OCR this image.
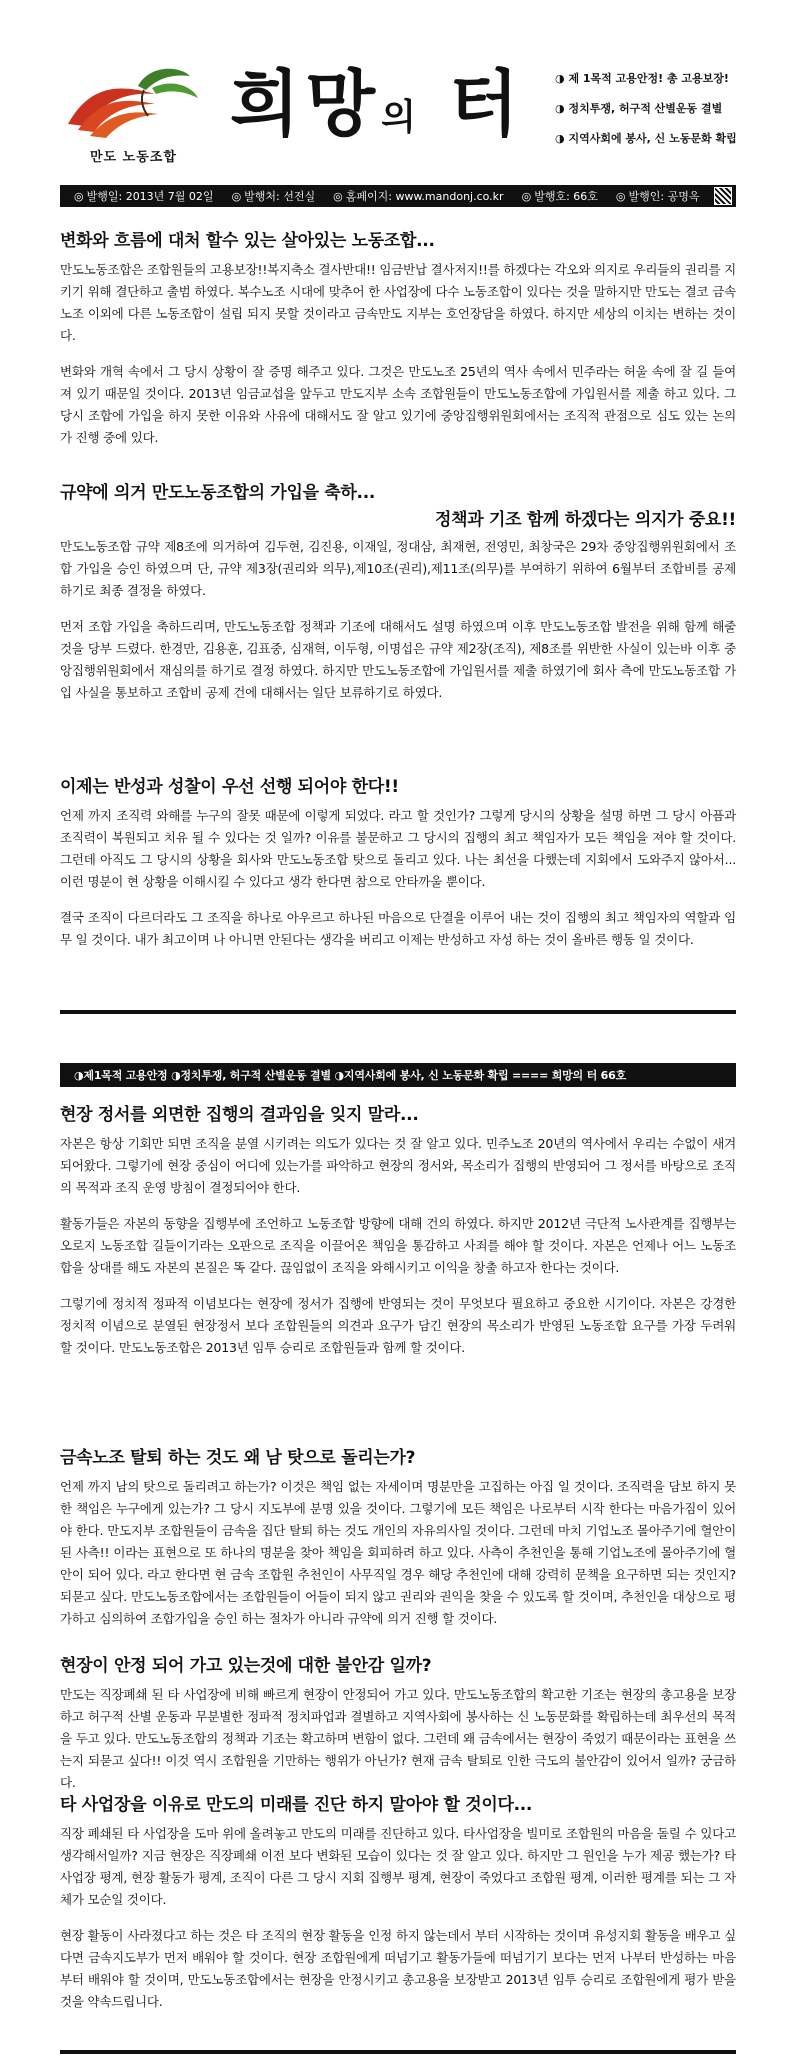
만도 노동조합
희망의 터	◑ 제 1목적 고용안정! 총 고용보장!
◑ 정치투쟁, 허구적 산별운동 결별
◑ 지역사회에 봉사, 신 노동문화 확립
◎ 발행일: 2013년 7월 02일	◎ 발행처: 선전실	◎ 홈페이지: www.mandonj.co.kr	◎ 발행호: 66호	◎ 발행인: 공명옥
변화와 흐름에 대처 할수 있는 살아있는 노동조합...

만도노동조합은 조합원들의 고용보장!!복지축소 결사반대!! 임금반납 결사저지!!를 하겠다는 각오와 의지로 우리들의 권리를 지키기 위해 결단하고 출범 하였다. 복수노조 시대에 맞추어 한 사업장에 다수 노동조합이 있다는 것을 말하지만 만도는 결코 금속노조 이외에 다른 노동조합이 설립 되지 못할 것이라고 금속만도 지부는 호언장담을 하였다. 하지만 세상의 이치는 변하는 것이다.

변화와 개혁 속에서 그 당시 상황이 잘 증명 해주고 있다. 그것은 만도노조 25년의 역사 속에서 민주라는 허울 속에 잘 길 들여져 있기 때문일 것이다. 2013년 임금교섭을 앞두고 만도지부 소속 조합원들이 만도노동조합에 가입원서를 제출 하고 있다. 그 당시 조합에 가입을 하지 못한 이유와 사유에 대해서도 잘 알고 있기에 중앙집행위원회에서는 조직적 관점으로 심도 있는 논의가 진행 중에 있다.

규약에 의거 만도노동조합의 가입을 축하...
정책과 기조 함께 하겠다는 의지가 중요!!

만도노동조합 규약 제8조에 의거하여 김두현, 김진용, 이재일, 정대삼, 최재현, 전영민, 최창국은 29차 중앙집행위원회에서 조합 가입을 승인 하였으며 단, 규약 제3장(권리와 의무),제10조(권리),제11조(의무)를 부여하기 위하여 6월부터 조합비를 공제하기로 최종 결정을 하였다.

먼저 조합 가입을 축하드리며, 만도노동조합 정책과 기조에 대해서도 설명 하였으며 이후 만도노동조합 발전을 위해 함께 해줄 것을 당부 드렸다. 한경만, 김용훈, 김표중, 심재혁, 이두형, 이명섭은 규약 제2장(조직), 제8조를 위반한 사실이 있는바 이후 중앙집행위원회에서 재심의를 하기로 결정 하였다. 하지만 만도노동조합에 가입원서를 제출 하였기에 회사 측에 만도노동조합 가입 사실을 통보하고 조합비 공제 건에 대해서는 일단 보류하기로 하였다.

이제는 반성과 성찰이 우선 선행 되어야 한다!!

언제 까지 조직력 와해를 누구의 잘못 때문에 이렇게 되었다. 라고 할 것인가? 그렇게 당시의 상황을 설명 하면 그 당시 아픔과 조직력이 복원되고 치유 될 수 있다는 것 일까? 이유를 불문하고 그 당시의 집행의 최고 책임자가 모든 책임을 져야 할 것이다. 그런데 아직도 그 당시의 상황을 회사와 만도노동조합 탓으로 돌리고 있다. 나는 최선을 다했는데 지회에서 도와주지 않아서... 이런 명분이 현 상황을 이해시킬 수 있다고 생각 한다면 참으로 안타까울 뿐이다.

결국 조직이 다르더라도 그 조직을 하나로 아우르고 하나된 마음으로 단결을 이루어 내는 것이 집행의 최고 책임자의 역할과 임무 일 것이다. 내가 최고이며 나 아니면 안된다는 생각을 버리고 이제는 반성하고 자성 하는 것이 올바른 행동 일 것이다.

◑제1목적 고용안정 ◑정치투쟁, 허구적 산별운동 결별 ◑지역사회에 봉사, 신 노동문화 확립 ==== 희망의 터 66호
현장 정서를 외면한 집행의 결과임을 잊지 말라...

자본은 항상 기회만 되면 조직을 분열 시키려는 의도가 있다는 것 잘 알고 있다. 민주노조 20년의 역사에서 우리는 수없이 새겨 되어왔다. 그렇기에 현장 중심이 어디에 있는가를 파악하고 현장의 정서와, 목소리가 집행의 반영되어 그 정서를 바탕으로 조직의 목적과 조직 운영 방침이 결정되어야 한다.

활동가들은 자본의 동향을 집행부에 조언하고 노동조합 방향에 대해 건의 하였다. 하지만 2012년 극단적 노사관계를 집행부는 오로지 노동조합 길들이기라는 오판으로 조직을 이끌어온 책임을 통감하고 사죄를 해야 할 것이다. 자본은 언제나 어느 노동조합을 상대를 해도 자본의 본질은 똑 같다. 끊임없이 조직을 와해시키고 이익을 창출 하고자 한다는 것이다.

그렇기에 정치적 정파적 이념보다는 현장에 정서가 집행에 반영되는 것이 무엇보다 필요하고 중요한 시기이다. 자본은 강경한 정치적 이념으로 분열된 현장정서 보다 조합원들의 의견과 요구가 담긴 현장의 목소리가 반영된 노동조합 요구를 가장 두려워 할 것이다. 만도노동조합은 2013년 임투 승리로 조합원들과 함께 할 것이다.

금속노조 탈퇴 하는 것도 왜 남 탓으로 돌리는가?

언제 까지 남의 탓으로 돌리려고 하는가? 이것은 책임 없는 자세이며 명분만을 고집하는 아집 일 것이다. 조직력을 담보 하지 못한 책임은 누구에게 있는가? 그 당시 지도부에 분명 있을 것이다. 그렇기에 모든 책임은 나로부터 시작 한다는 마음가짐이 있어야 한다. 만도지부 조합원들이 금속을 집단 탈퇴 하는 것도 개인의 자유의사일 것이다. 그런데 마치 기업노조 몰아주기에 혈안이 된 사측!! 이라는 표현으로 또 하나의 명분을 찾아 책임을 회피하려 하고 있다. 사측이 추천인을 통해 기업노조에 몰아주기에 혈안이 되어 있다. 라고 한다면 현 금속 조합원 추천인이 사무직일 경우 해당 추천인에 대해 강력히 문책을 요구하면 되는 것인지? 되묻고 싶다. 만도노동조합에서는 조합원들이 어들이 되지 않고 권리와 권익을 찾을 수 있도록 할 것이며, 추천인을 대상으로 평가하고 심의하여 조합가입을 승인 하는 절차가 아니라 규약에 의거 진행 할 것이다.

현장이 안정 되어 가고 있는것에 대한 불안감 일까?

만도는 직장폐쇄 된 타 사업장에 비해 빠르게 현장이 안정되어 가고 있다. 만도노동조합의 확고한 기조는 현장의 총고용을 보장하고 허구적 산별 운동과 무분별한 정파적 정치파업과 결별하고 지역사회에 봉사하는 신 노동문화를 확립하는데 최우선의 목적을 두고 있다. 만도노동조합의 정책과 기조는 확고하며 변함이 없다. 그런데 왜 금속에서는 현장이 죽었기 때문이라는 표현을 쓰는지 되묻고 싶다!! 이것 역시 조합원을 기만하는 행위가 아닌가? 현재 금속 탈퇴로 인한 극도의 불안감이 있어서 일까? 궁금하다.

타 사업장을 이유로 만도의 미래를 진단 하지 말아야 할 것이다...

직장 폐쇄된 타 사업장을 도마 위에 올려놓고 만도의 미래를 진단하고 있다. 타사업장을 빌미로 조합원의 마음을 돌릴 수 있다고 생각해서일까? 지금 현장은 직장폐쇄 이전 보다 변화된 모습이 있다는 것 잘 알고 있다. 하지만 그 원인을 누가 제공 했는가? 타사업장 평계, 현장 활동가 평계, 조직이 다른 그 당시 지회 집행부 평계, 현장이 죽었다고 조합원 평계, 이러한 평계를 되는 그 자체가 모순일 것이다.

현장 활동이 사라졌다고 하는 것은 타 조직의 현장 활동을 인정 하지 않는데서 부터 시작하는 것이며 유성지회 활동을 배우고 싶다면 금속지도부가 먼저 배워야 할 것이다. 현장 조합원에게 떠넘기고 활동가들에 떠넘기기 보다는 먼저 나부터 반성하는 마음부터 배워야 할 것이며, 만도노동조합에서는 현장을 안정시키고 총고용을 보장받고 2013년 임투 승리로 조합원에게 평가 받을 것을 약속드립니다.
